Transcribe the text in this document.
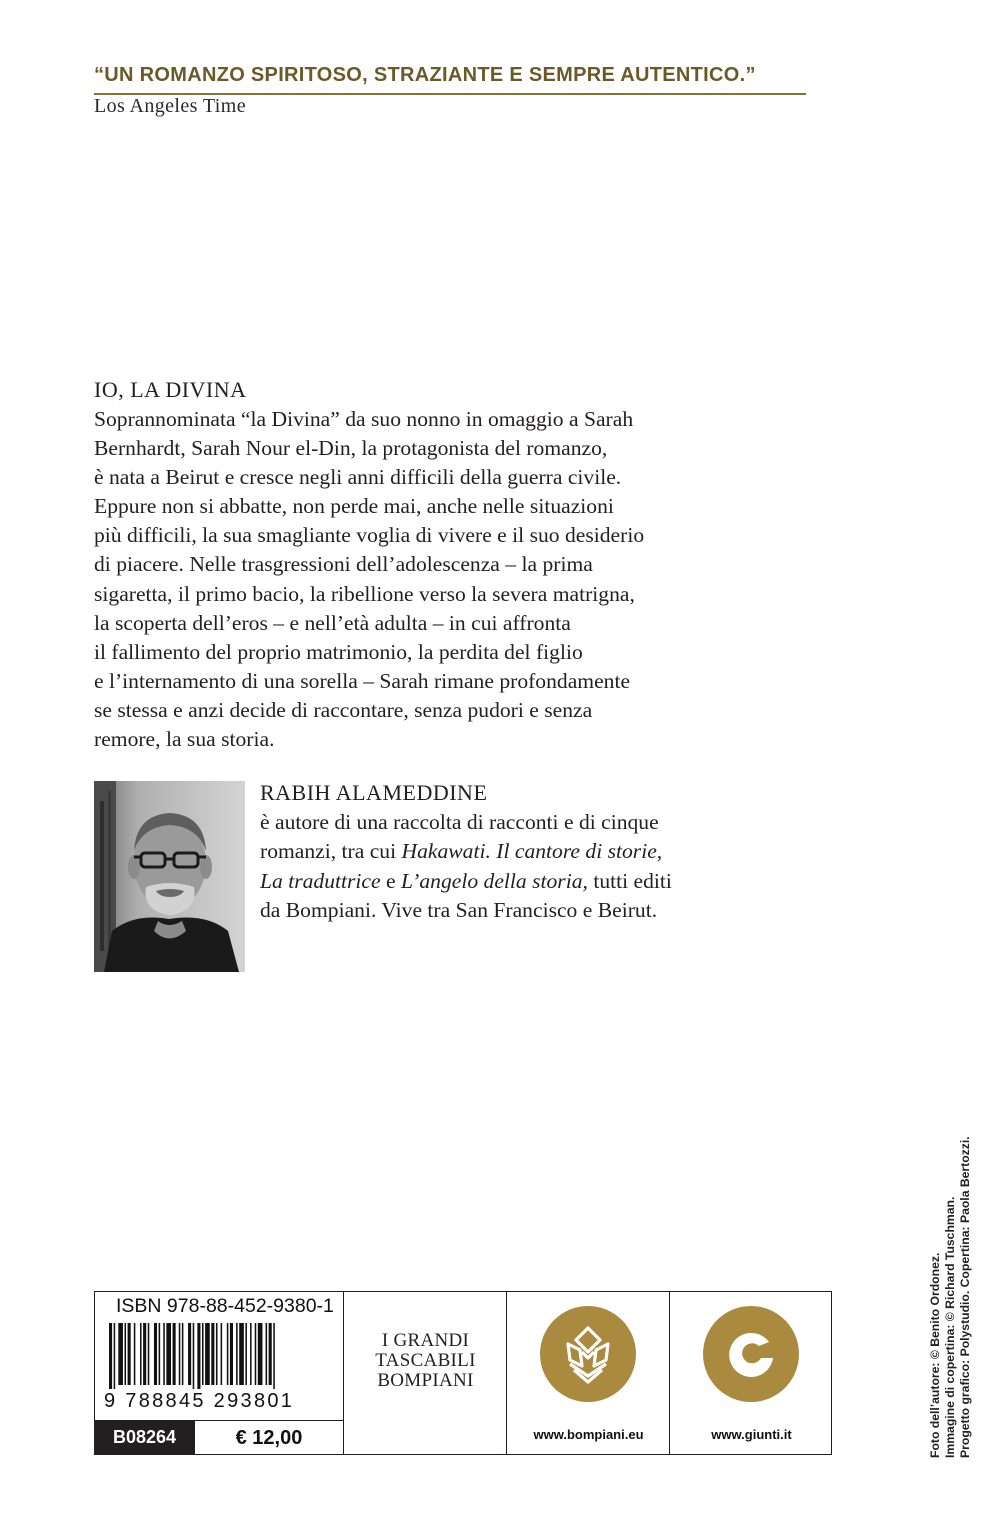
“UN ROMANZO SPIRITOSO, STRAZIANTE E SEMPRE AUTENTICO.”
Los Angeles Time
IO, LA DIVINA

Soprannominata “la Divina” da suo nonno in omaggio a Sarah
Bernhardt, Sarah Nour el-Din, la protagonista del romanzo,
è nata a Beirut e cresce negli anni difficili della guerra civile.
Eppure non si abbatte, non perde mai, anche nelle situazioni
più difficili, la sua smagliante voglia di vivere e il suo desiderio
di piacere. Nelle trasgressioni dell’adolescenza – la prima
sigaretta, il primo bacio, la ribellione verso la severa matrigna,
la scoperta dell’eros – e nell’età adulta – in cui affronta
il fallimento del proprio matrimonio, la perdita del figlio
e l’internamento di una sorella – Sarah rimane profondamente
se stessa e anzi decide di raccontare, senza pudori e senza
remore, la sua storia.

RABIH ALAMEDDINE

è autore di una raccolta di racconti e di cinque
romanzi, tra cui Hakawati. Il cantore di storie,
La traduttrice e L’angelo della storia, tutti editi
da Bompiani. Vive tra San Francisco e Beirut.

ISBN 978-88-452-9380-1
9 788845 293801
B08264	€ 12,00

I GRANDI
TASCABILI
BOMPIANI

www.bompiani.eu	www.giunti.it	Foto dell’autore: © Benito Ordonez. Immagine di copertina: © Richard Tuschman. Progetto grafico: Polystudio. Copertina: Paola Bertozzi.
